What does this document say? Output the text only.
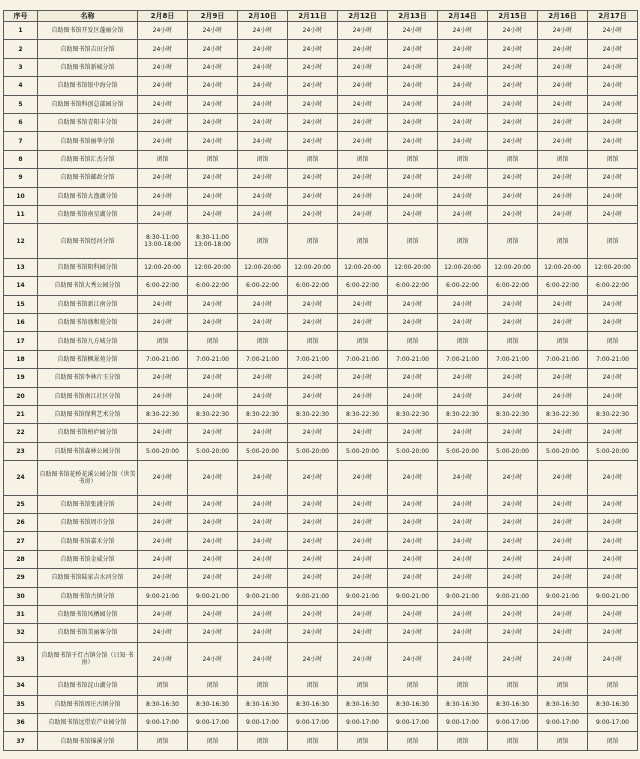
序号	名称	2月8日	2月9日	2月10日	2月11日	2月12日	2月13日	2月14日	2月15日	2月16日	2月17日
1	自助图书馆开发区蓬丽分馆	24小时	24小时	24小时	24小时	24小时	24小时	24小时	24小时	24小时	24小时

2	自助图书馆吉田分馆	24小时	24小时	24小时	24小时	24小时	24小时	24小时	24小时	24小时	24小时

3	自助图书馆新城分馆	24小时	24小时	24小时	24小时	24小时	24小时	24小时	24小时	24小时	24小时

4	自助图书馆银中海分馆	24小时	24小时	24小时	24小时	24小时	24小时	24小时	24小时	24小时	24小时

5	自助图书馆科创总部园分馆	24小时	24小时	24小时	24小时	24小时	24小时	24小时	24小时	24小时	24小时

6	自助图书馆青阳丰分馆	24小时	24小时	24小时	24小时	24小时	24小时	24小时	24小时	24小时	24小时

7	自助图书馆丽华分馆	24小时	24小时	24小时	24小时	24小时	24小时	24小时	24小时	24小时	24小时

8	自助图书馆汇杰分馆	闭馆	闭馆	闭馆	闭馆	闭馆	闭馆	闭馆	闭馆	闭馆	闭馆

9	自助图书馆邮政分馆	24小时	24小时	24小时	24小时	24小时	24小时	24小时	24小时	24小时	24小时

10	自助图书馆大渔湖分馆	24小时	24小时	24小时	24小时	24小时	24小时	24小时	24小时	24小时	24小时

11	自助图书馆南星湖分馆	24小时	24小时	24小时	24小时	24小时	24小时	24小时	24小时	24小时	24小时

12	自助图书馆经河分馆	8:30-11:00
13:00-18:00	8:30-11:00
13:00-18:00	闭馆	闭馆	闭馆	闭馆	闭馆	闭馆	闭馆	闭馆

13	自助图书馆阳科园分馆	12:00-20:00	12:00-20:00	12:00-20:00	12:00-20:00	12:00-20:00	12:00-20:00	12:00-20:00	12:00-20:00	12:00-20:00	12:00-20:00

14	自助图书馆大秀公园分馆	6:00-22:00	6:00-22:00	6:00-22:00	6:00-22:00	6:00-22:00	6:00-22:00	6:00-22:00	6:00-22:00	6:00-22:00	6:00-22:00

15	自助图书馆新江南分馆	24小时	24小时	24小时	24小时	24小时	24小时	24小时	24小时	24小时	24小时

16	自助图书馆盛和苑分馆	24小时	24小时	24小时	24小时	24小时	24小时	24小时	24小时	24小时	24小时

17	自助图书馆九方城分馆	闭馆	闭馆	闭馆	闭馆	闭馆	闭馆	闭馆	闭馆	闭馆	闭馆

18	自助图书馆枫景苑分馆	7:00-21:00	7:00-21:00	7:00-21:00	7:00-21:00	7:00-21:00	7:00-21:00	7:00-21:00	7:00-21:00	7:00-21:00	7:00-21:00

19	自助图书馆李林片玉分馆	24小时	24小时	24小时	24小时	24小时	24小时	24小时	24小时	24小时	24小时

20	自助图书馆南江社区分馆	24小时	24小时	24小时	24小时	24小时	24小时	24小时	24小时	24小时	24小时

21	自助图书馆保利艺术分馆	8:30-22:30	8:30-22:30	8:30-22:30	8:30-22:30	8:30-22:30	8:30-22:30	8:30-22:30	8:30-22:30	8:30-22:30	8:30-22:30

22	自助图书馆柏庐园分馆	24小时	24小时	24小时	24小时	24小时	24小时	24小时	24小时	24小时	24小时

23	自助图书馆森林公园分馆	5:00-20:00	5:00-20:00	5:00-20:00	5:00-20:00	5:00-20:00	5:00-20:00	5:00-20:00	5:00-20:00	5:00-20:00	5:00-20:00

24	自助图书馆花桥花溪公园分馆（世美书房）	24小时	24小时	24小时	24小时	24小时	24小时	24小时	24小时	24小时	24小时

25	自助图书馆张浦分馆	24小时	24小时	24小时	24小时	24小时	24小时	24小时	24小时	24小时	24小时

26	自助图书馆周市分馆	24小时	24小时	24小时	24小时	24小时	24小时	24小时	24小时	24小时	24小时

27	自助图书馆嘉禾分馆	24小时	24小时	24小时	24小时	24小时	24小时	24小时	24小时	24小时	24小时

28	自助图书馆金威分馆	24小时	24小时	24小时	24小时	24小时	24小时	24小时	24小时	24小时	24小时

29	自助图书馆陆家吉水河分馆	24小时	24小时	24小时	24小时	24小时	24小时	24小时	24小时	24小时	24小时

30	自助图书馆古镇分馆	9:00-21:00	9:00-21:00	9:00-21:00	9:00-21:00	9:00-21:00	9:00-21:00	9:00-21:00	9:00-21:00	9:00-21:00	9:00-21:00

31	自助图书馆凤栖园分馆	24小时	24小时	24小时	24小时	24小时	24小时	24小时	24小时	24小时	24小时

32	自助图书馆美丽客分馆	24小时	24小时	24小时	24小时	24小时	24小时	24小时	24小时	24小时	24小时

33	自助图书馆千灯古镇分馆（日知·书房）	24小时	24小时	24小时	24小时	24小时	24小时	24小时	24小时	24小时	24小时

34	自助图书馆淀山湖分馆	闭馆	闭馆	闭馆	闭馆	闭馆	闭馆	闭馆	闭馆	闭馆	闭馆

35	自助图书馆周庄古镇分馆	8:30-16:30	8:30-16:30	8:30-16:30	8:30-16:30	8:30-16:30	8:30-16:30	8:30-16:30	8:30-16:30	8:30-16:30	8:30-16:30

36	自助图书馆远望农产业园分馆	9:00-17:00	9:00-17:00	9:00-17:00	9:00-17:00	9:00-17:00	9:00-17:00	9:00-17:00	9:00-17:00	9:00-17:00	9:00-17:00

37	自助图书馆锦溪分馆	闭馆	闭馆	闭馆	闭馆	闭馆	闭馆	闭馆	闭馆	闭馆	闭馆
